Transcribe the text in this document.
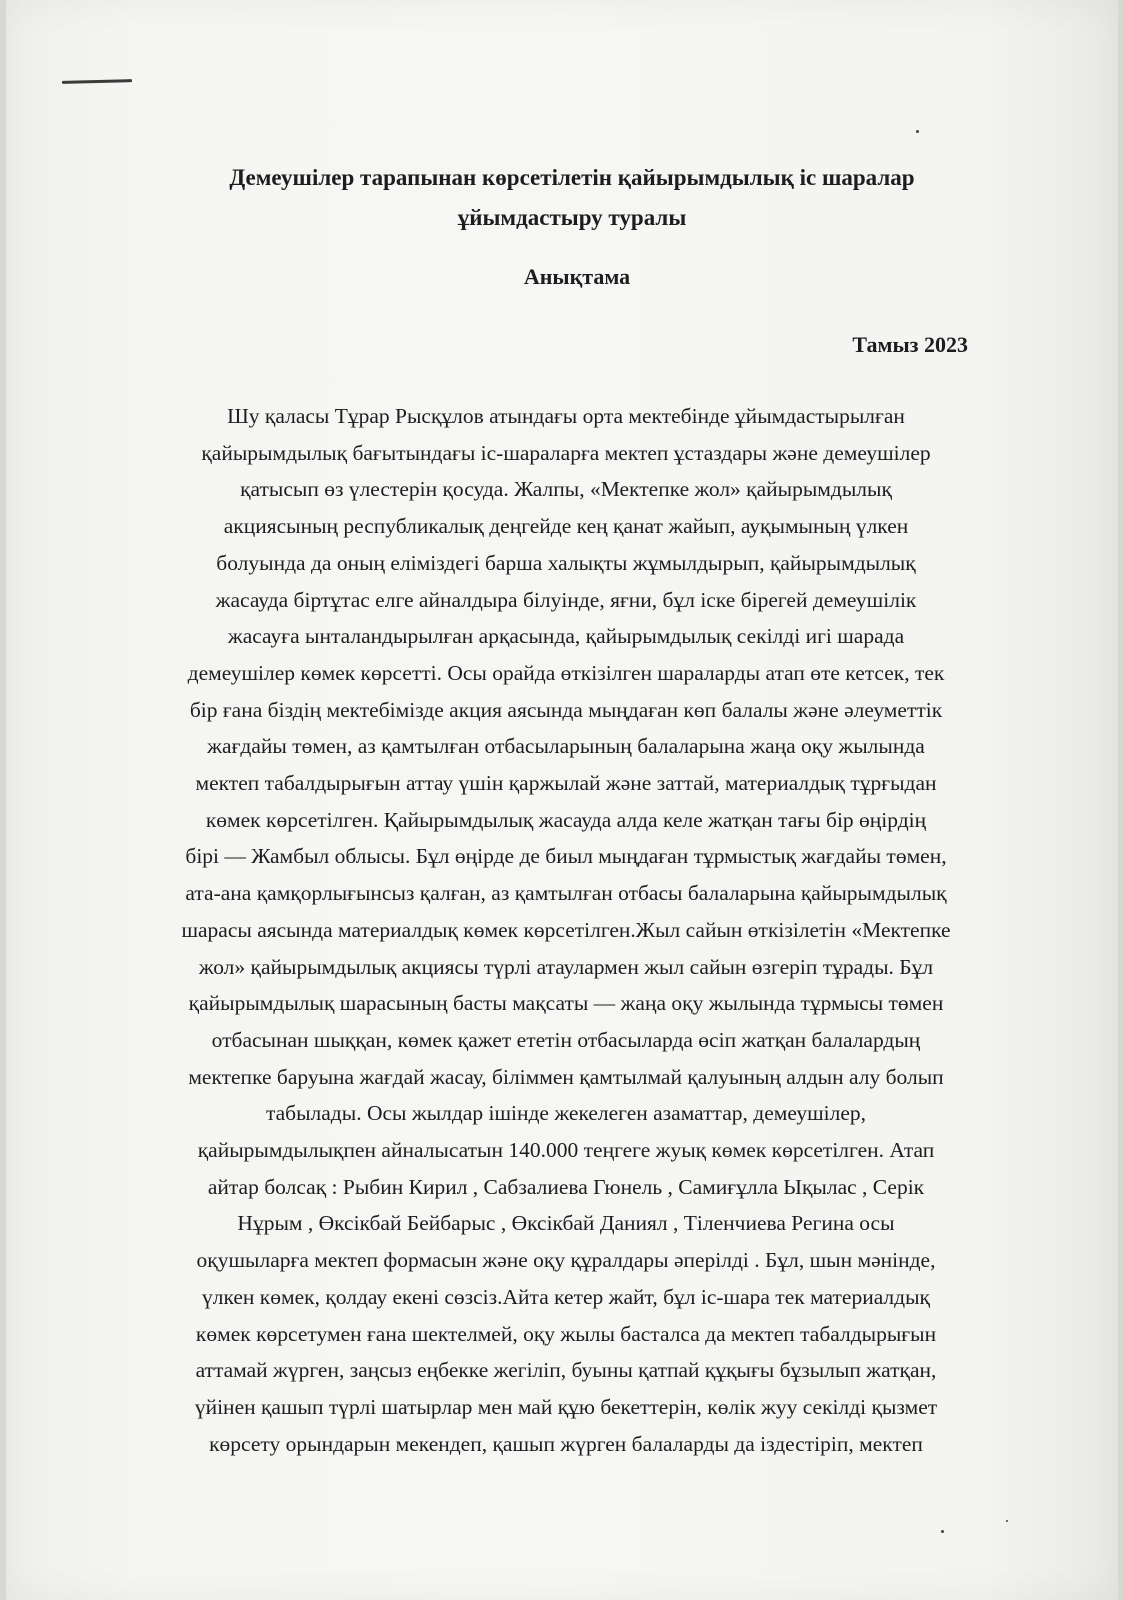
Демеушілер тарапынан көрсетілетін қайырымдылық іс шаралар
ұйымдастыру туралы
Анықтама
Тамыз 2023
Шу қаласы Тұрар Рысқұлов атындағы орта мектебінде ұйымдастырылған
қайырымдылық бағытындағы іс-шараларға мектеп ұстаздары және демеушілер
қатысып өз үлестерін қосуда. Жалпы, «Мектепке жол» қайырымдылық
акциясының республикалық деңгейде кең қанат жайып, ауқымының үлкен
болуында да оның еліміздегі барша халықты жұмылдырып, қайырымдылық
жасауда біртұтас елге айналдыра білуінде, яғни, бұл іске бірегей демеушілік
жасауға ынталандырылған арқасында, қайырымдылық секілді игі шарада
демеушілер көмек көрсетті. Осы орайда өткізілген шараларды атап өте кетсек, тек
бір ғана біздің мектебімізде акция аясында мыңдаған көп балалы және әлеуметтік
жағдайы төмен, аз қамтылған отбасыларының балаларына жаңа оқу жылында
мектеп табалдырығын аттау үшін қаржылай және заттай, материалдық тұрғыдан
көмек көрсетілген. Қайырымдылық жасауда алда келе жатқан тағы бір өңірдің
бірі — Жамбыл облысы. Бұл өңірде де биыл мыңдаған тұрмыстық жағдайы төмен,
ата-ана қамқорлығынсыз қалған, аз қамтылған отбасы балаларына қайырымдылық
шарасы аясында материалдық көмек көрсетілген.Жыл сайын өткізілетін «Мектепке
жол» қайырымдылық акциясы түрлі атаулармен жыл сайын өзгеріп тұрады. Бұл
қайырымдылық шарасының басты мақсаты — жаңа оқу жылында тұрмысы төмен
отбасынан шыққан, көмек қажет ететін отбасыларда өсіп жатқан балалардың
мектепке баруына жағдай жасау, біліммен қамтылмай қалуының алдын алу болып
табылады. Осы жылдар ішінде жекелеген азаматтар, демеушілер,
қайырымдылықпен айналысатын 140.000 теңгеге жуық көмек көрсетілген. Атап
айтар болсақ : Рыбин Кирил , Сабзалиева Гюнель , Самиғұлла Ықылас , Серік
Нұрым , Өксікбай Бейбарыс , Өксікбай Даниял , Тіленчиева Регина осы
оқушыларға мектеп формасын және оқу құралдары әперілді . Бұл, шын мәнінде,
үлкен көмек, қолдау екені сөзсіз.Айта кетер жайт, бұл іс-шара тек материалдық
көмек көрсетумен ғана шектелмей, оқу жылы басталса да мектеп табалдырығын
аттамай жүрген, заңсыз еңбекке жегіліп, буыны қатпай құқығы бұзылып жатқан,
үйінен қашып түрлі шатырлар мен май құю бекеттерін, көлік жуу секілді қызмет
көрсету орындарын мекендеп, қашып жүрген балаларды да іздестіріп, мектеп
